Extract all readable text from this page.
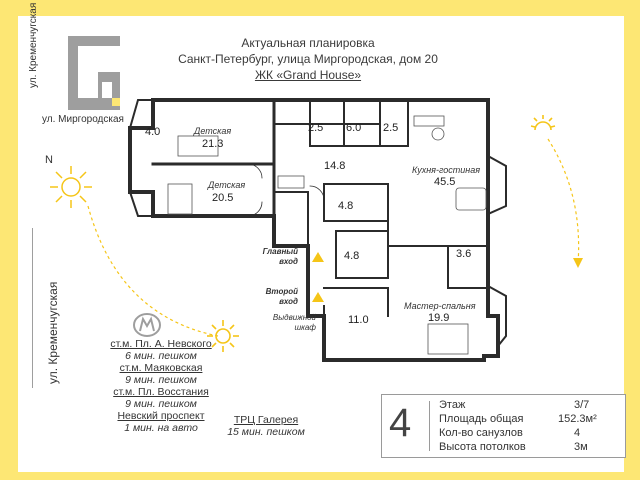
Актуальная планировка
Санкт-Петербург, улица Миргородская, дом 20
ЖК «Grand House»
ул. Кременчугская
ул. Миргородская
N
ул. Кременчугская	ст.м. Пл. А. Невского
6 мин. пешком
ст.м. Маяковская
9 мин. пешком
ст.м. Пл. Восстания
9 мин. пешком
Невский проспект
1 мин. на авто
ТРЦ Галерея
15 мин. пешком
4.0	Детская
21.3
2.5 6.0 2.5
14.8
Детская
20.5
4.8
4.8
Кухня-гостиная
45.5
3.6
11.0
Мастер-спальня
19.9
Главный вход
Второй вход
Выдвижной шкаф
4	Этаж	3/7
Площадь общая	152.3м²
Кол-во санузлов	4
Высота потолков	3м
